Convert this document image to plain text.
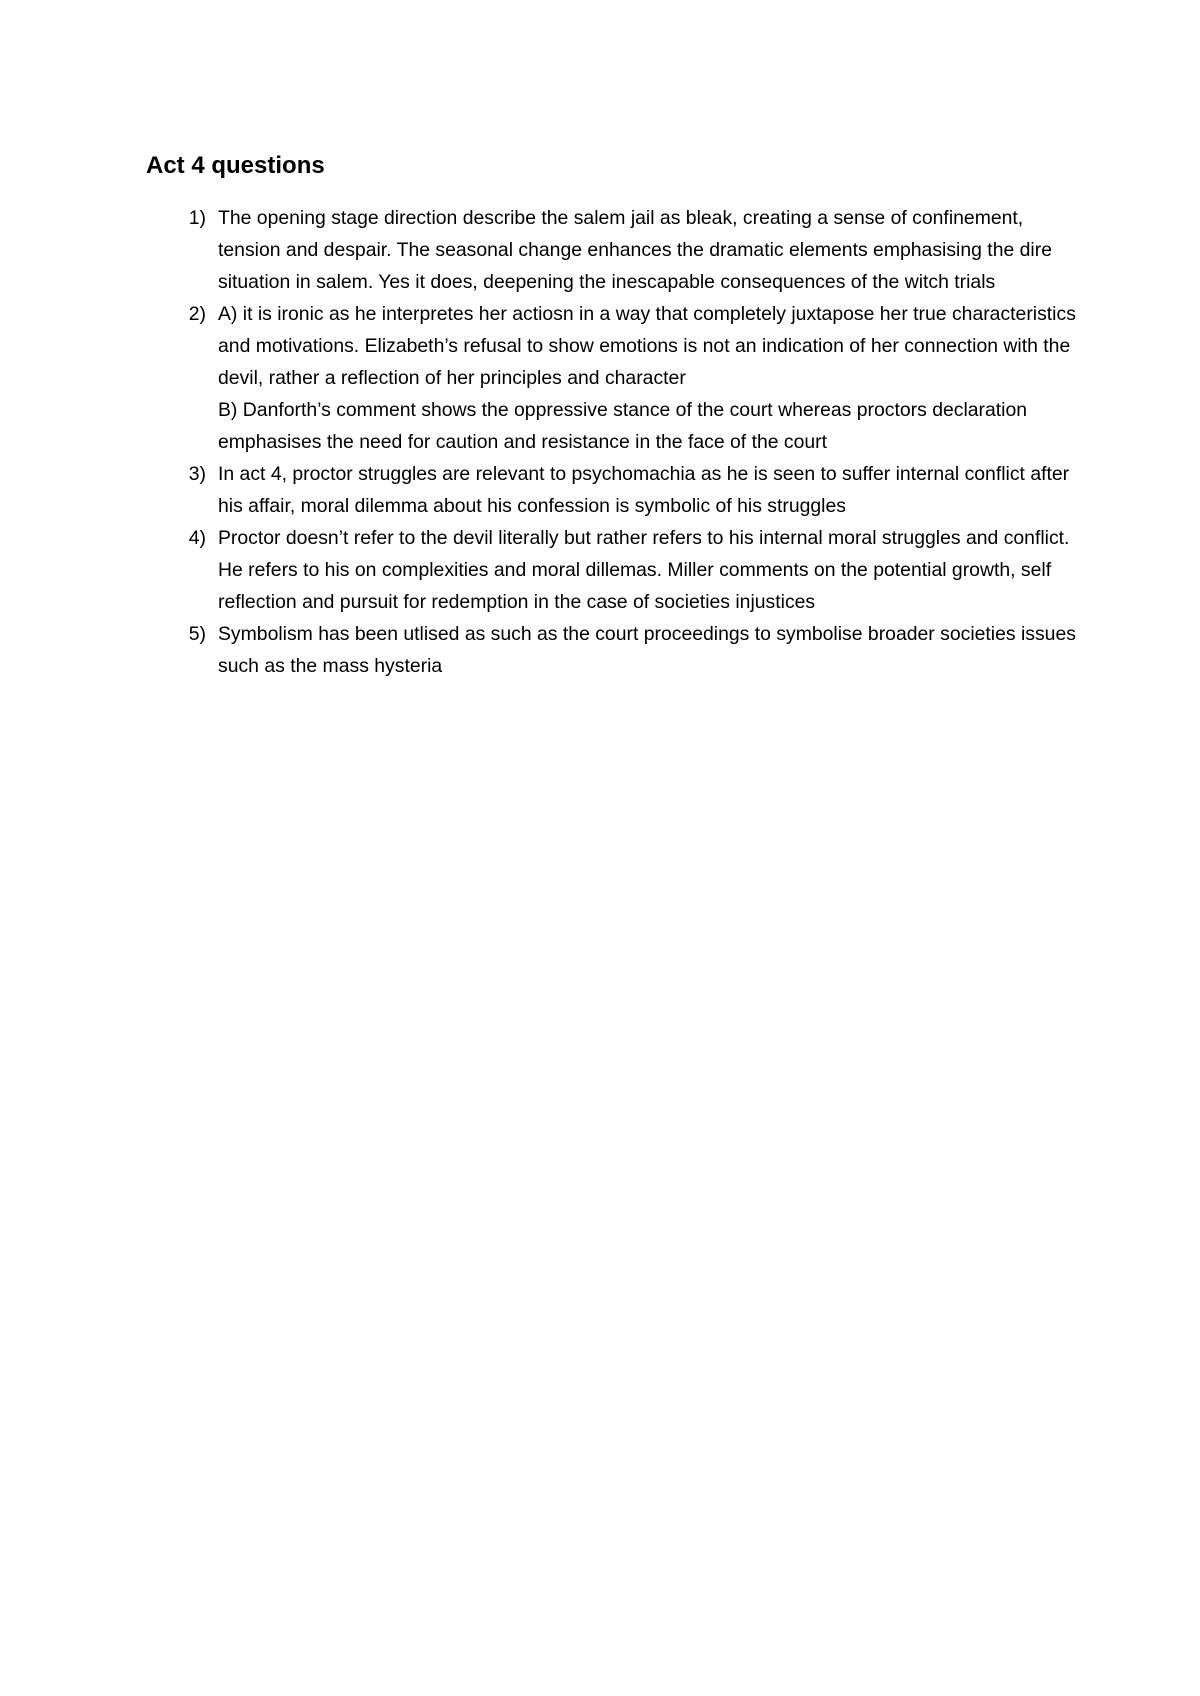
Act 4 questions
1) The opening stage direction describe the salem jail as bleak, creating a sense of confinement, tension and despair. The seasonal change enhances the dramatic elements emphasising the dire situation in salem. Yes it does, deepening the inescapable consequences of the witch trials

2) A) it is ironic as he interpretes her actiosn in a way that completely juxtapose her true characteristics and motivations. Elizabeth’s refusal to show emotions is not an indication of her connection with the devil, rather a reflection of her principles and character

B) Danforth’s comment shows the oppressive stance of the court whereas proctors declaration emphasises the need for caution and resistance in the face of the court

3) In act 4, proctor struggles are relevant to psychomachia as he is seen to suffer internal conflict after his affair, moral dilemma about his confession is symbolic of his struggles

4) Proctor doesn’t refer to the devil literally but rather refers to his internal moral struggles and conflict. He refers to his on complexities and moral dillemas. Miller comments on the potential growth, self reflection and pursuit for redemption in the case of societies injustices

5) Symbolism has been utlised as such as the court proceedings to symbolise broader societies issues such as the mass hysteria
